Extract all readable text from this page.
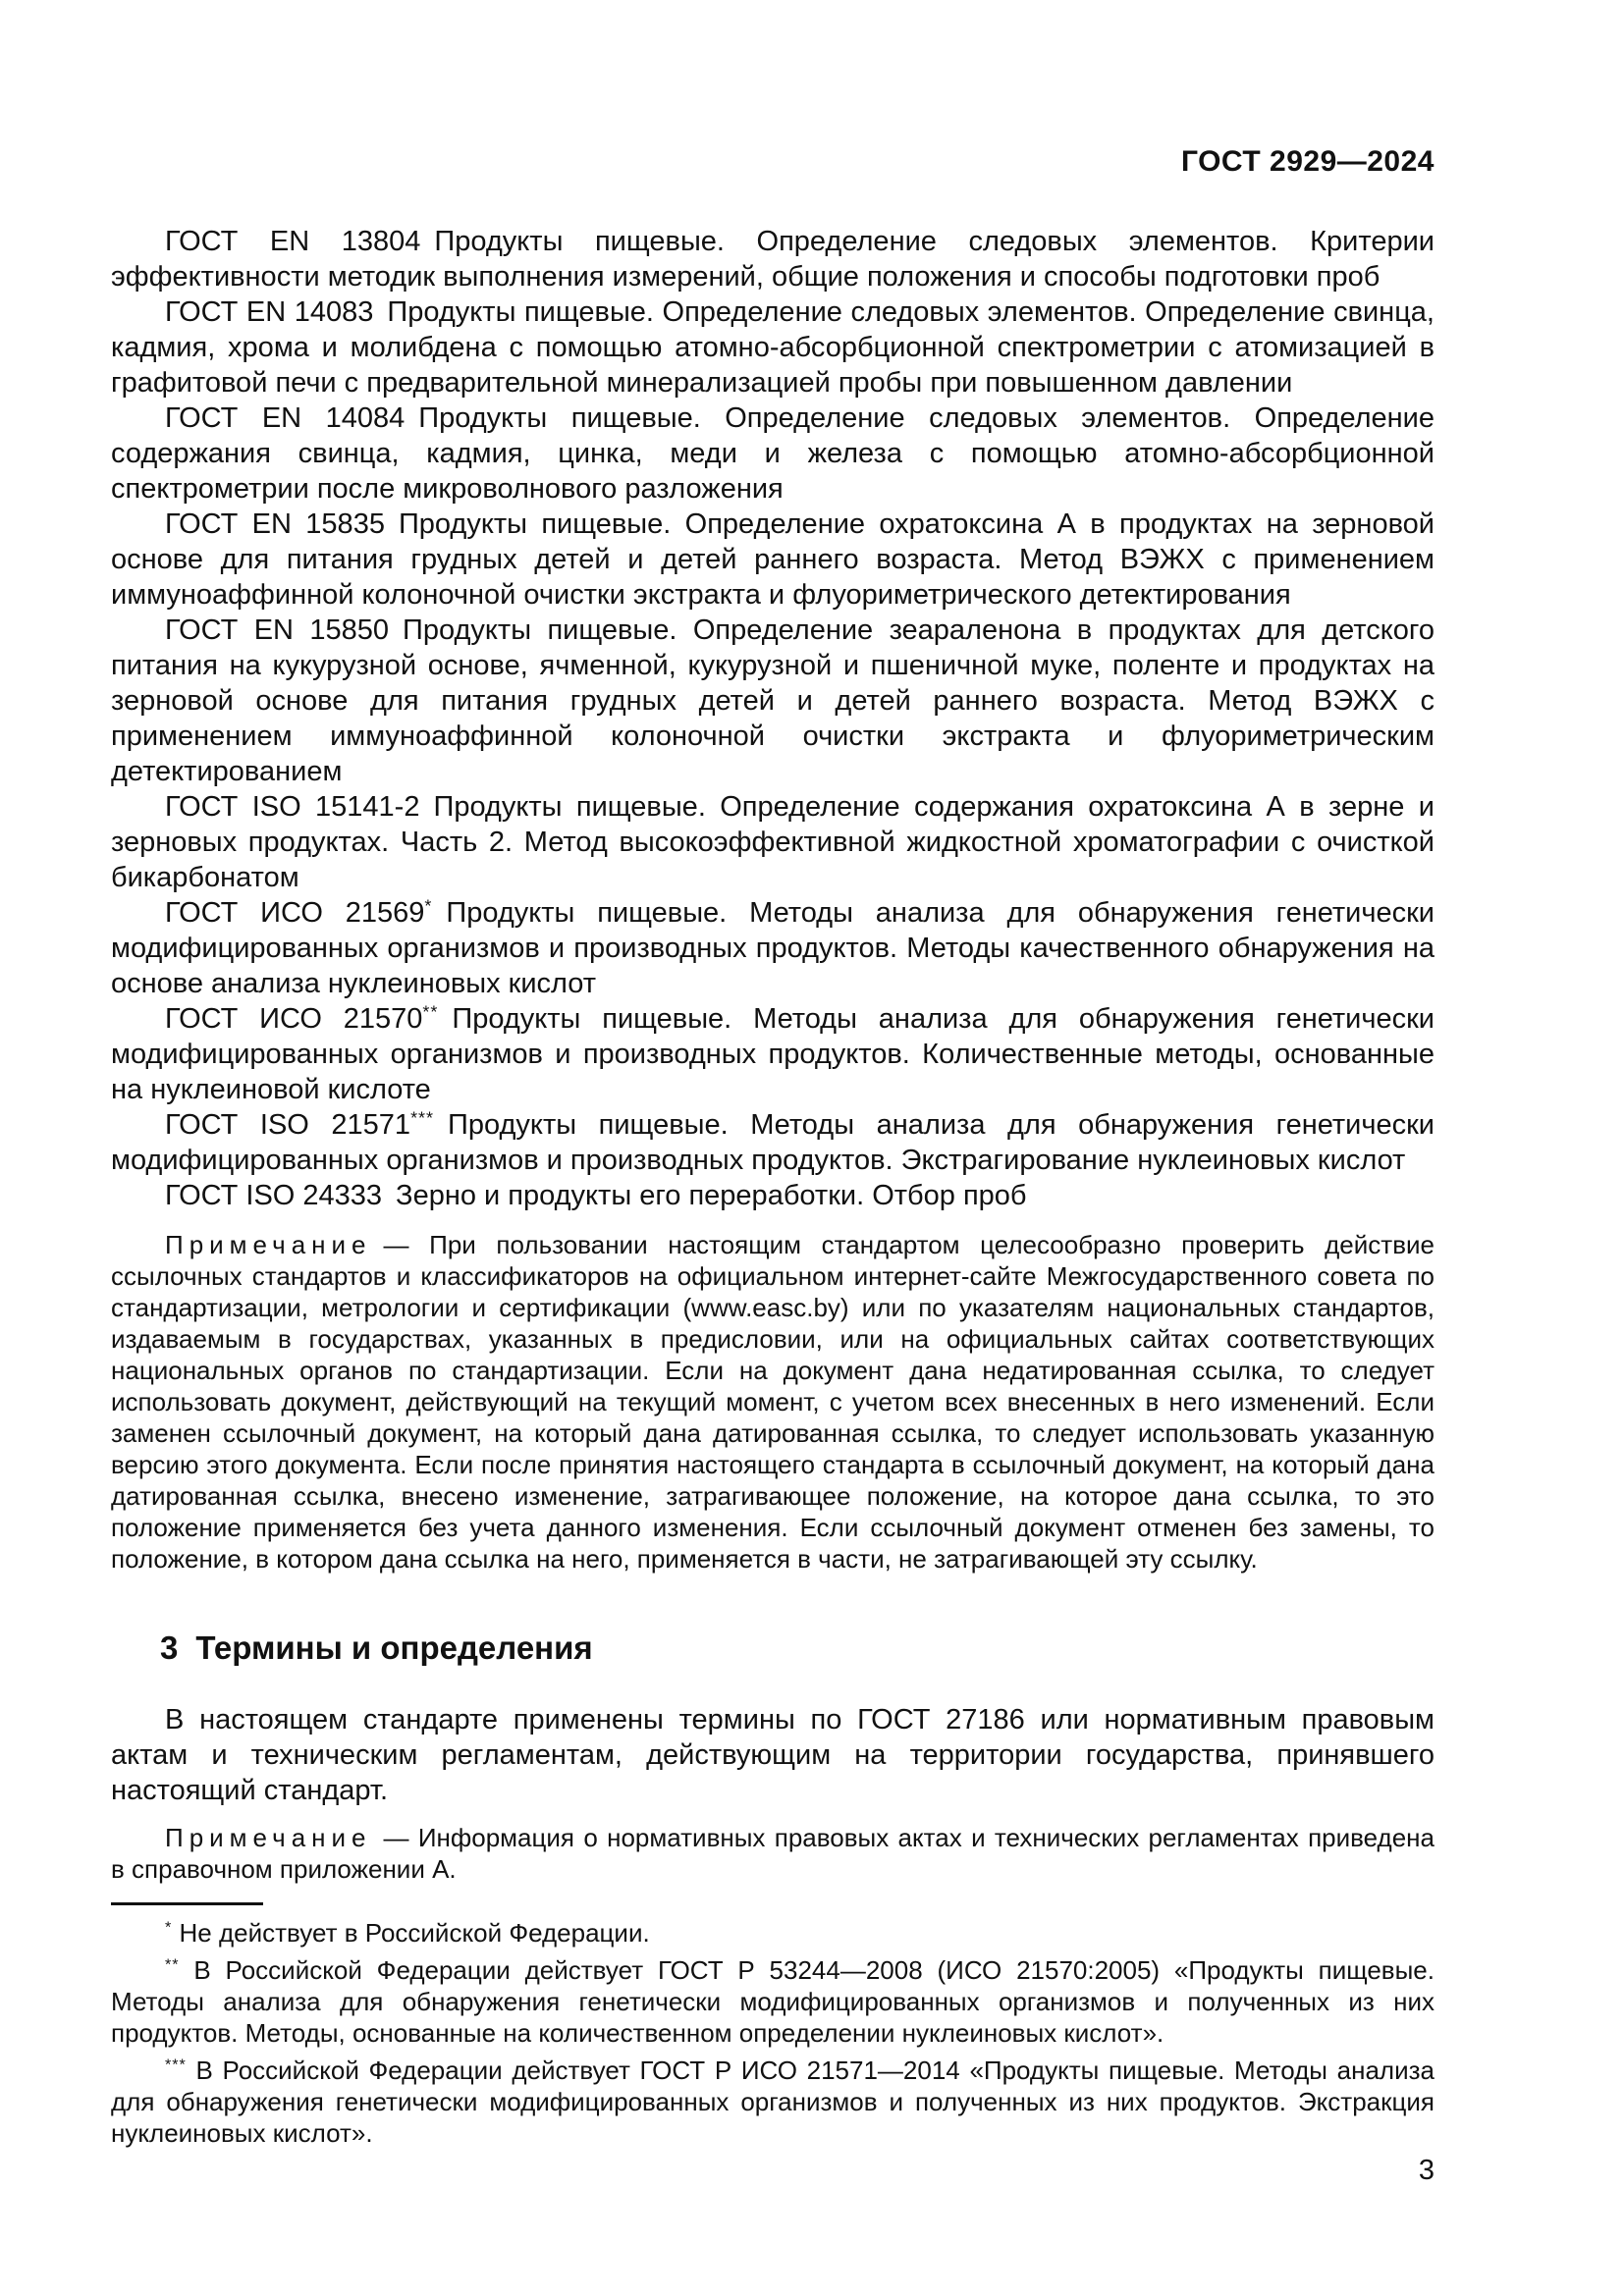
ГОСТ 2929—2024

ГОСТ EN 13804 Продукты пищевые. Определение следовых элементов. Критерии эффективности методик выполнения измерений, общие положения и способы подготовки проб

ГОСТ EN 14083 Продукты пищевые. Определение следовых элементов. Определение свинца, кадмия, хрома и молибдена с помощью атомно-абсорбционной спектрометрии с атомизацией в графитовой печи с предварительной минерализацией пробы при повышенном давлении

ГОСТ EN 14084 Продукты пищевые. Определение следовых элементов. Определение содержания свинца, кадмия, цинка, меди и железа с помощью атомно-абсорбционной спектрометрии после микроволнового разложения

ГОСТ EN 15835 Продукты пищевые. Определение охратоксина А в продуктах на зерновой основе для питания грудных детей и детей раннего возраста. Метод ВЭЖХ с применением иммуноаффинной колоночной очистки экстракта и флуориметрического детектирования

ГОСТ EN 15850 Продукты пищевые. Определение зеараленона в продуктах для детского питания на кукурузной основе, ячменной, кукурузной и пшеничной муке, поленте и продуктах на зерновой основе для питания грудных детей и детей раннего возраста. Метод ВЭЖХ с применением иммуноаффинной колоночной очистки экстракта и флуориметрическим детектированием

ГОСТ ISO 15141-2 Продукты пищевые. Определение содержания охратоксина А в зерне и зерновых продуктах. Часть 2. Метод высокоэффективной жидкостной хроматографии с очисткой бикарбонатом

ГОСТ ИСО 21569* Продукты пищевые. Методы анализа для обнаружения генетически модифицированных организмов и производных продуктов. Методы качественного обнаружения на основе анализа нуклеиновых кислот

ГОСТ ИСО 21570** Продукты пищевые. Методы анализа для обнаружения генетически модифицированных организмов и производных продуктов. Количественные методы, основанные на нуклеиновой кислоте

ГОСТ ISO 21571*** Продукты пищевые. Методы анализа для обнаружения генетически модифицированных организмов и производных продуктов. Экстрагирование нуклеиновых кислот

ГОСТ ISO 24333 Зерно и продукты его переработки. Отбор проб

Примечание — При пользовании настоящим стандартом целесообразно проверить действие ссылочных стандартов и классификаторов на официальном интернет-сайте Межгосударственного совета по стандартизации, метрологии и сертификации (www.easc.by) или по указателям национальных стандартов, издаваемым в государствах, указанных в предисловии, или на официальных сайтах соответствующих национальных органов по стандартизации. Если на документ дана недатированная ссылка, то следует использовать документ, действующий на текущий момент, с учетом всех внесенных в него изменений. Если заменен ссылочный документ, на который дана датированная ссылка, то следует использовать указанную версию этого документа. Если после принятия настоящего стандарта в ссылочный документ, на который дана датированная ссылка, внесено изменение, затрагивающее положение, на которое дана ссылка, то это положение применяется без учета данного изменения. Если ссылочный документ отменен без замены, то положение, в котором дана ссылка на него, применяется в части, не затрагивающей эту ссылку.
3 Термины и определения

В настоящем стандарте применены термины по ГОСТ 27186 или нормативным правовым актам и техническим регламентам, действующим на территории государства, принявшего настоящий стандарт.

Примечание — Информация о нормативных правовых актах и технических регламентах приведена в справочном приложении А.

* Не действует в Российской Федерации.

** В Российской Федерации действует ГОСТ Р 53244—2008 (ИСО 21570:2005) «Продукты пищевые. Методы анализа для обнаружения генетически модифицированных организмов и полученных из них продуктов. Методы, основанные на количественном определении нуклеиновых кислот».

*** В Российской Федерации действует ГОСТ Р ИСО 21571—2014 «Продукты пищевые. Методы анализа для обнаружения генетически модифицированных организмов и полученных из них продуктов. Экстракция нуклеиновых кислот».

3
